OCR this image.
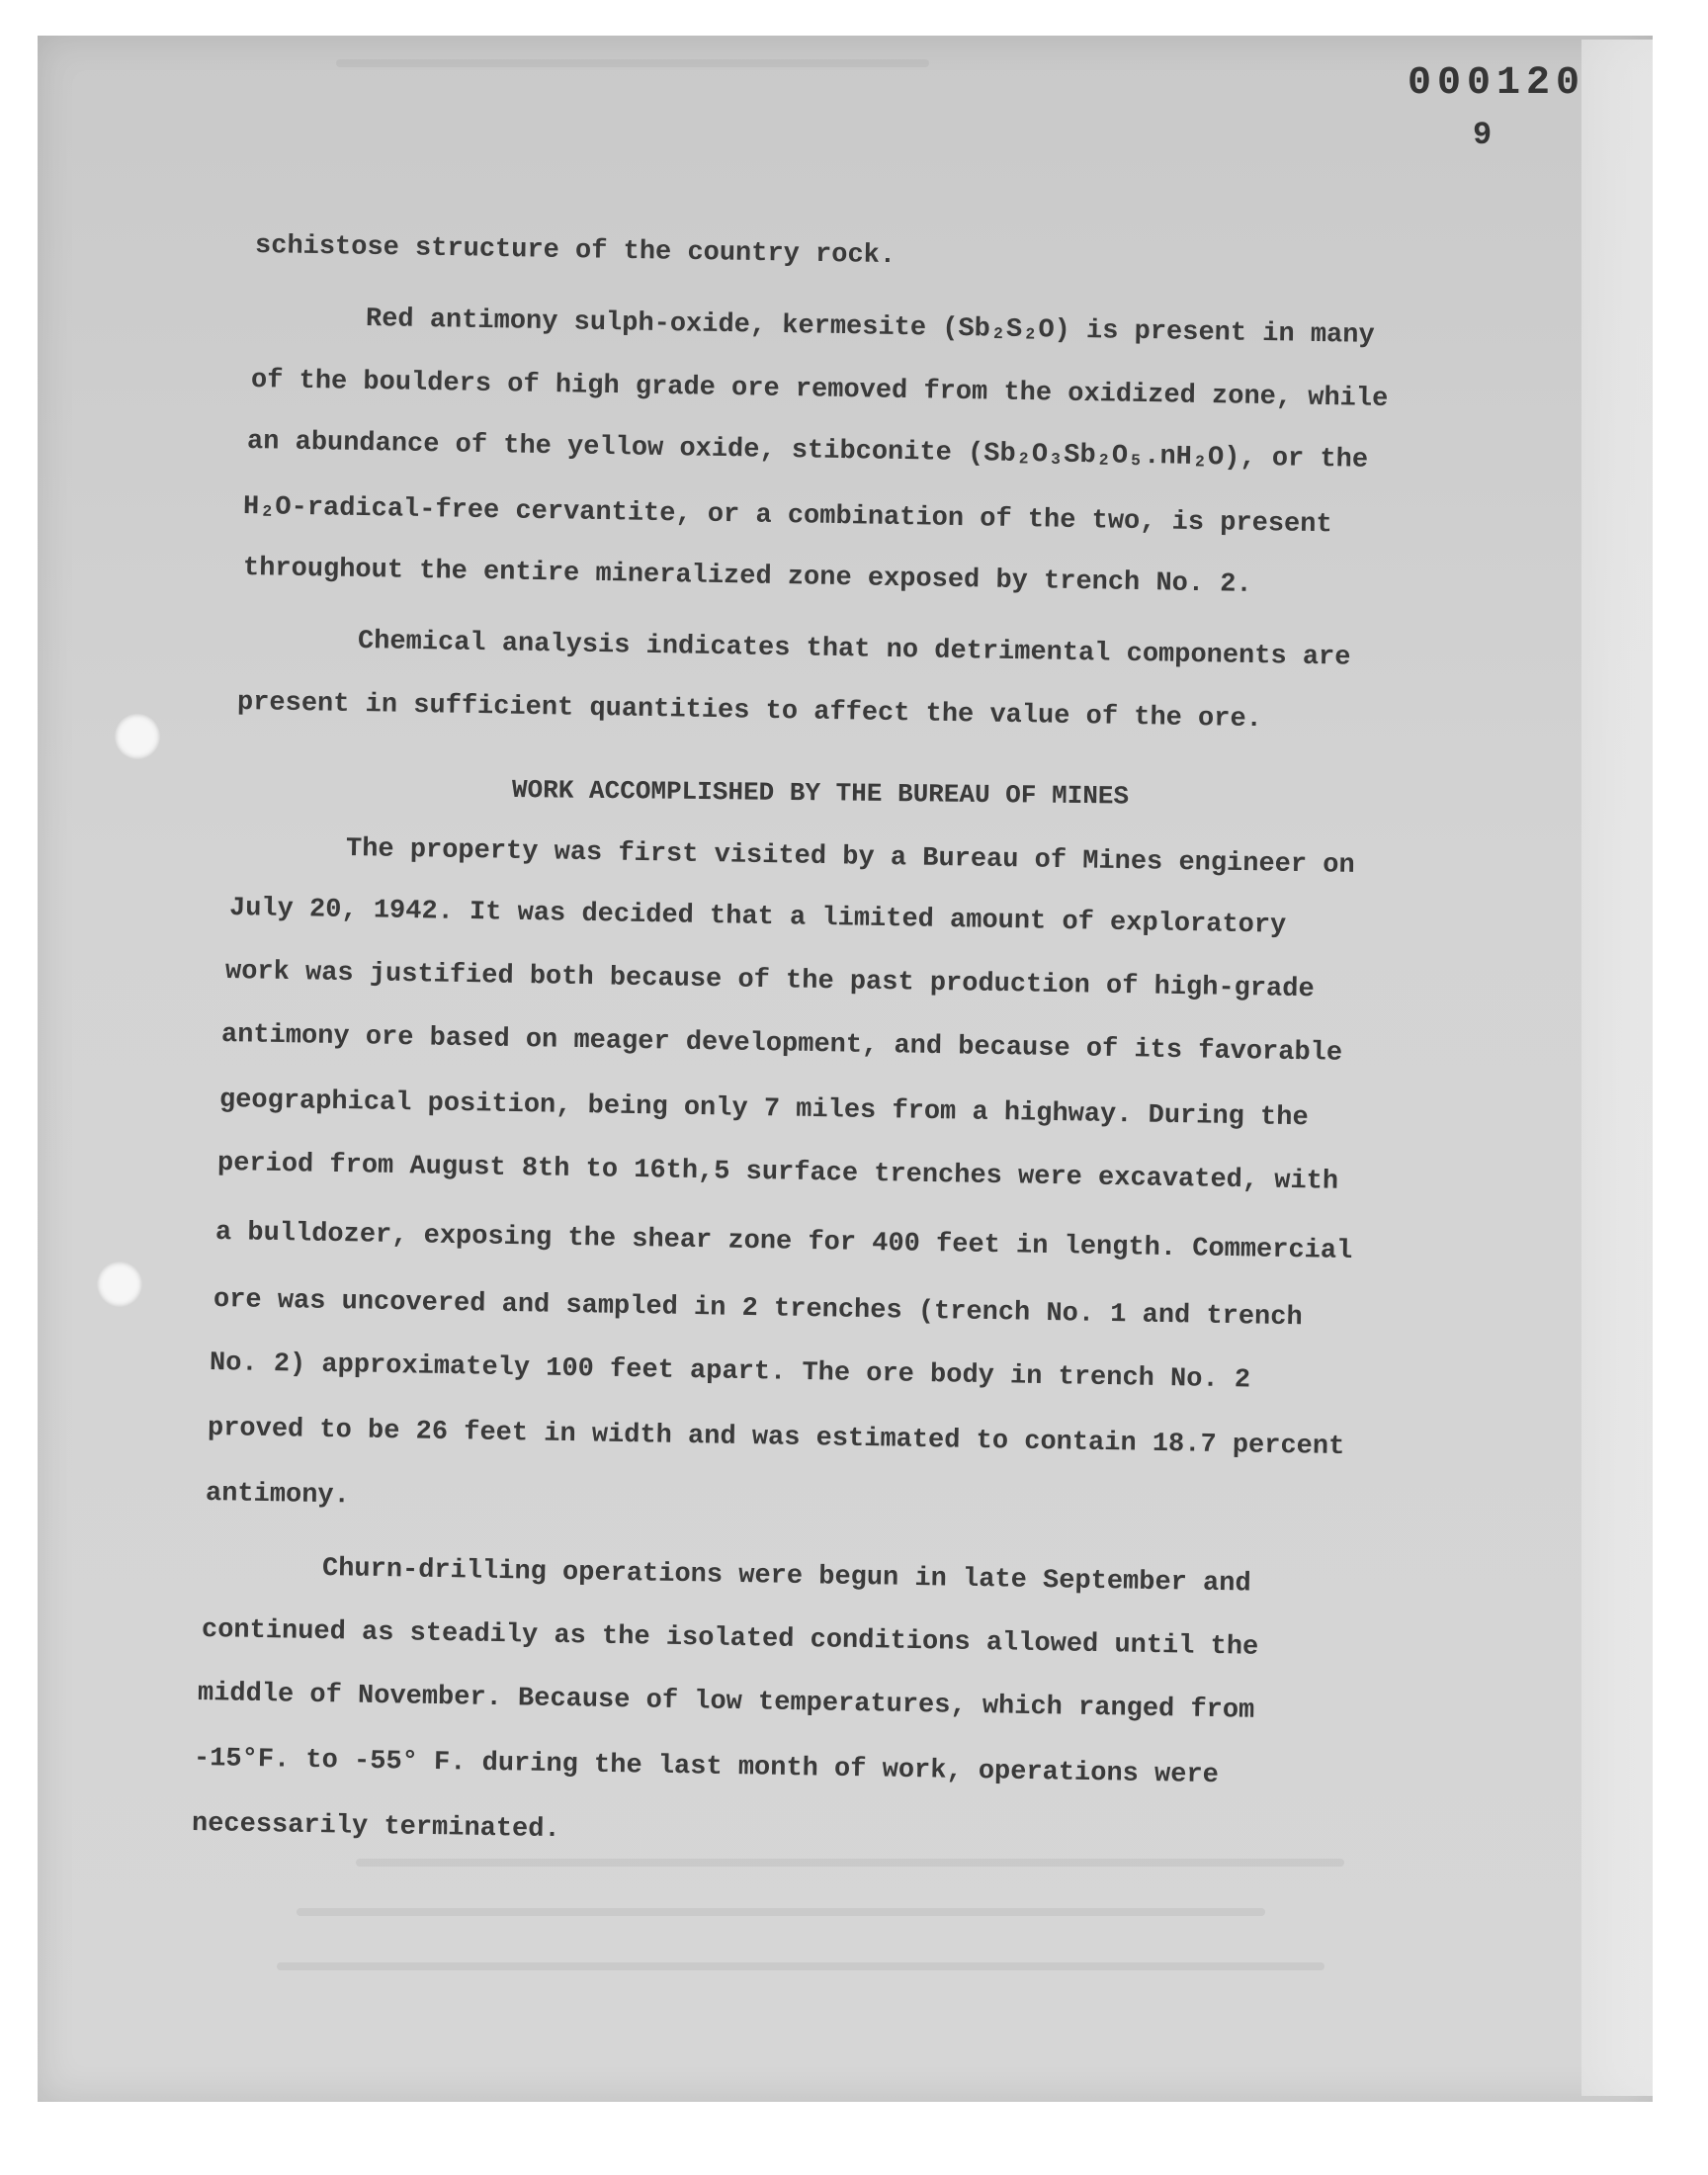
000120
9
schistose structure of the country rock.
Red antimony sulph-oxide, kermesite (Sb₂S₂O) is present in many
of the boulders of high grade ore removed from the oxidized zone, while
an abundance of the yellow oxide, stibconite (Sb₂O₃Sb₂O₅.nH₂O), or the
H₂O-radical-free cervantite, or a combination of the two, is present
throughout the entire mineralized zone exposed by trench No. 2.
Chemical analysis indicates that no detrimental components are
present in sufficient quantities to affect the value of the ore.
WORK ACCOMPLISHED BY THE BUREAU OF MINES
The property was first visited by a Bureau of Mines engineer on
July 20, 1942. It was decided that a limited amount of exploratory
work was justified both because of the past production of high-grade
antimony ore based on meager development, and because of its favorable
geographical position, being only 7 miles from a highway. During the
period from August 8th to 16th,5 surface trenches were excavated, with
a bulldozer, exposing the shear zone for 400 feet in length. Commercial
ore was uncovered and sampled in 2 trenches (trench No. 1 and trench
No. 2) approximately 100 feet apart. The ore body in trench No. 2
proved to be 26 feet in width and was estimated to contain 18.7 percent
antimony.
Churn-drilling operations were begun in late September and
continued as steadily as the isolated conditions allowed until the
middle of November. Because of low temperatures, which ranged from
-15°F. to -55° F. during the last month of work, operations were
necessarily terminated.
